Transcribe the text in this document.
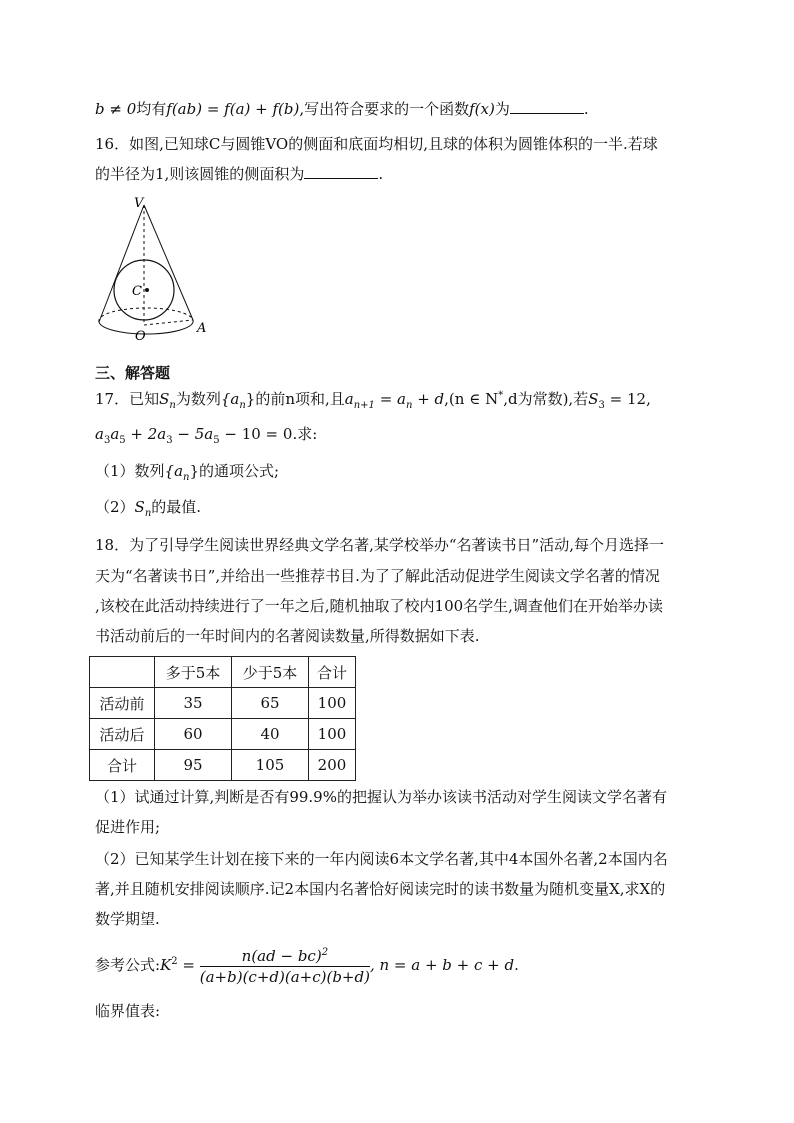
b ≠ 0均有f(ab) = f(a) + f(b),写出符合要求的一个函数f(x)为	.
16．如图,已知球C与圆锥VO的侧面和底面均相切,且球的体积为圆锥体积的一半.若球
的半径为1,则该圆锥的侧面积为	.
V
C
O
A
三、解答题
17．已知$S_n$为数列$\{a_n\}$的前n项和,且$a_{n+1} = a_n + d,(n$ ∈ N*,d为常数),若$S_3 = 12$,
$a_3a_5 + 2a_3 - 5a_5 - 10 = 0$.求:
（1）数列$\{a_n\}$的通项公式;
$(2)S_n$的最值.
18．为了引导学生阅读世界经典文学名著,某学校举办“名著读书日”活动,每个月选择一
天为“名著读书日”,并给出一些推荐书目.为了了解此活动促进学生阅读文学名著的情况
,该校在此活动持续进行了一年之后,随机抽取了校内100名学生,调查他们在开始举办读
书活动前后的一年时间内的名著阅读数量,所得数据如下表.
	多于5本	少于5本	合计
活动前	35	65	100
活动后	60	40	100
合计	95	105	200
（1）试通过计算,判断是否有99.9%的把握认为举办该读书活动对学生阅读文学名著有
促进作用;
（2）已知某学生计划在接下来的一年内阅读6本文学名著,其中4本国外名著,2本国内名
著,并且随机安排阅读顺序.记2本国内名著恰好阅读完时的读书数量为随机变量X,求X的
数学期望.
参考公式$:K^2 = \frac{n(ad - bc)^2}{(a+b)(c+d)(a+c)(b+d)}$ , n = a + b + c + d.
临界值表:
